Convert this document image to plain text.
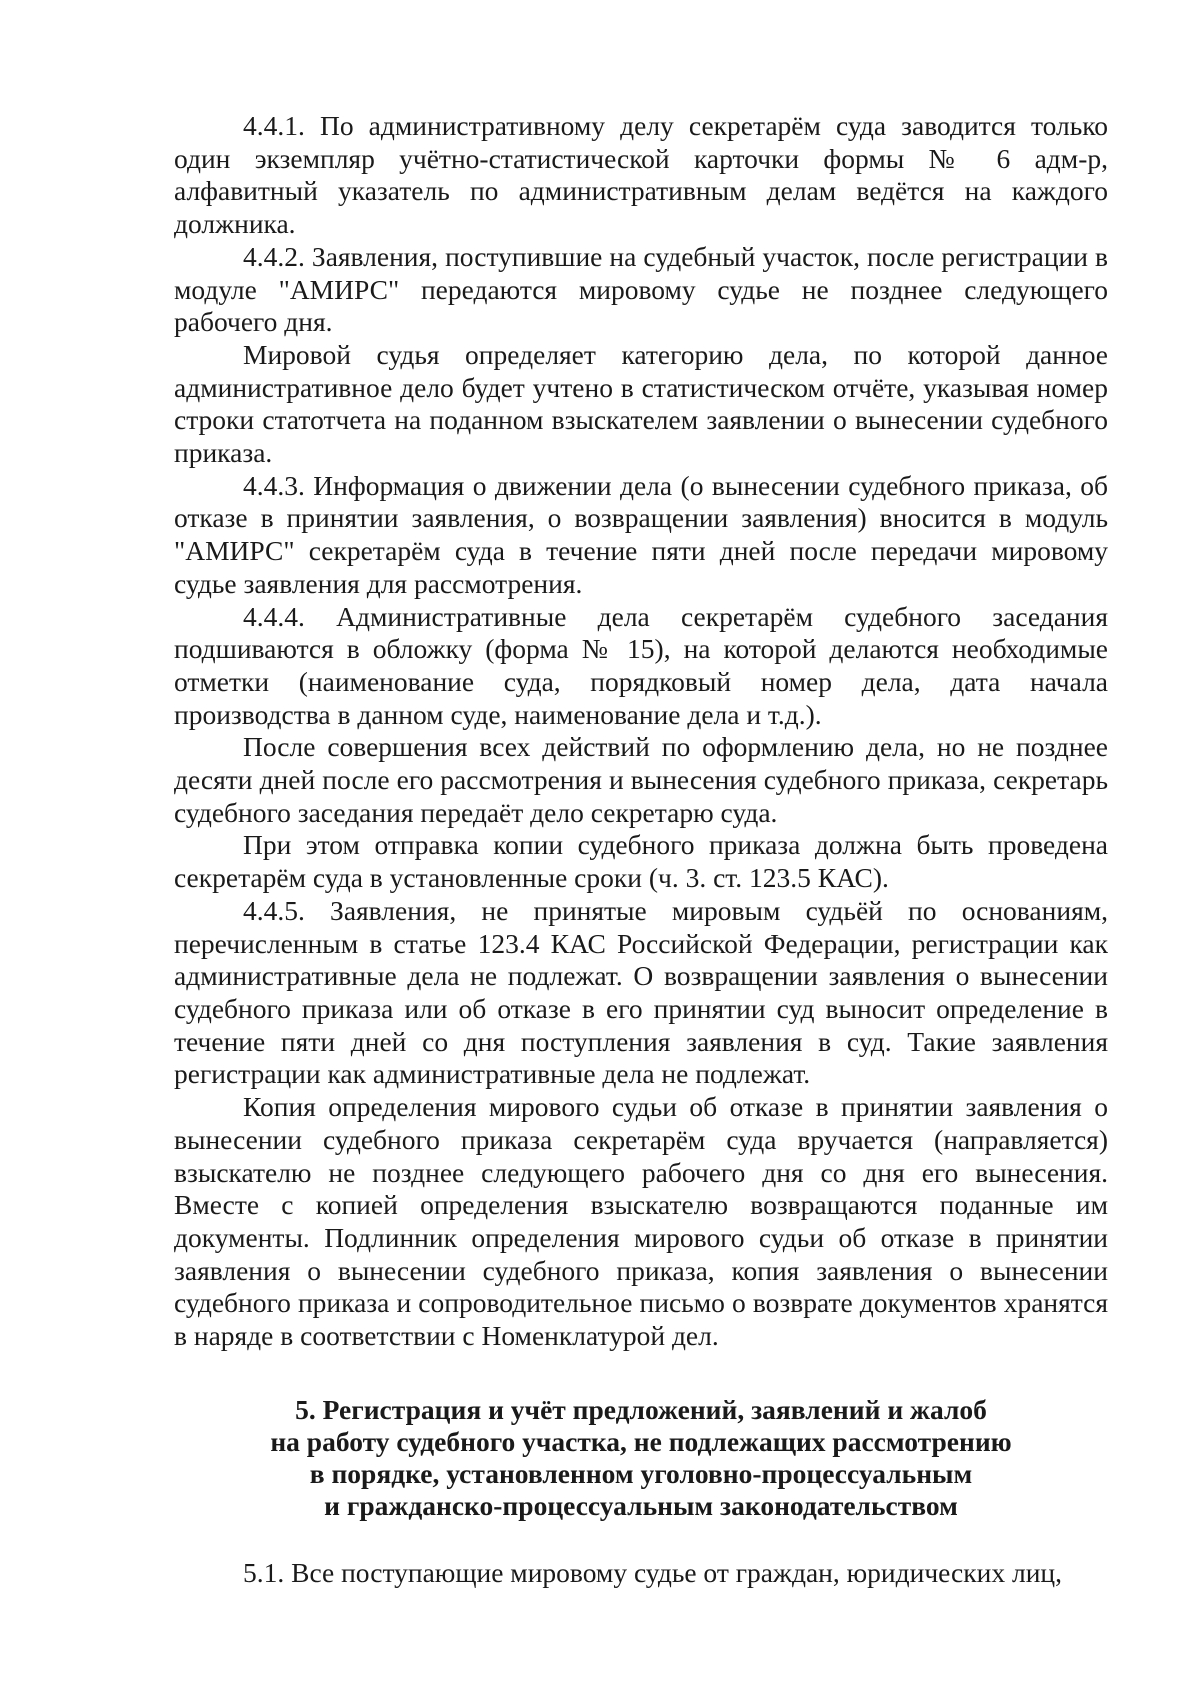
4.4.1. По административному делу секретарём суда заводится только один экземпляр учётно-статистической карточки формы № 6 адм-р, алфавитный указатель по административным делам ведётся на каждого должника.

4.4.2. Заявления, поступившие на судебный участок, после регистрации в модуле "АМИРС" передаются мировому судье не позднее следующего рабочего дня.

Мировой судья определяет категорию дела, по которой данное административное дело будет учтено в статистическом отчёте, указывая номер строки статотчета на поданном взыскателем заявлении о вынесении судебного приказа.

4.4.3. Информация о движении дела (о вынесении судебного приказа, об отказе в принятии заявления, о возвращении заявления) вносится в модуль "АМИРС" секретарём суда в течение пяти дней после передачи мировому судье заявления для рассмотрения.

4.4.4. Административные дела секретарём судебного заседания подшиваются в обложку (форма № 15), на которой делаются необходимые отметки (наименование суда, порядковый номер дела, дата начала производства в данном суде, наименование дела и т.д.).

После совершения всех действий по оформлению дела, но не позднее десяти дней после его рассмотрения и вынесения судебного приказа, секретарь судебного заседания передаёт дело секретарю суда.

При этом отправка копии судебного приказа должна быть проведена секретарём суда в установленные сроки (ч. 3. ст. 123.5 КАС).

4.4.5. Заявления, не принятые мировым судьёй по основаниям, перечисленным в статье 123.4 КАС Российской Федерации, регистрации как административные дела не подлежат. О возвращении заявления о вынесении судебного приказа или об отказе в его принятии суд выносит определение в течение пяти дней со дня поступления заявления в суд. Такие заявления регистрации как административные дела не подлежат.

Копия определения мирового судьи об отказе в принятии заявления о вынесении судебного приказа секретарём суда вручается (направляется) взыскателю не позднее следующего рабочего дня со дня его вынесения. Вместе с копией определения взыскателю возвращаются поданные им документы. Подлинник определения мирового судьи об отказе в принятии заявления о вынесении судебного приказа, копия заявления о вынесении судебного приказа и сопроводительное письмо о возврате документов хранятся в наряде в соответствии с Номенклатурой дел.

5. Регистрация и учёт предложений, заявлений и жалоб
на работу судебного участка, не подлежащих рассмотрению
в порядке, установленном уголовно-процессуальным
и гражданско-процессуальным законодательством

5.1. Все поступающие мировому судье от граждан, юридических лиц,
